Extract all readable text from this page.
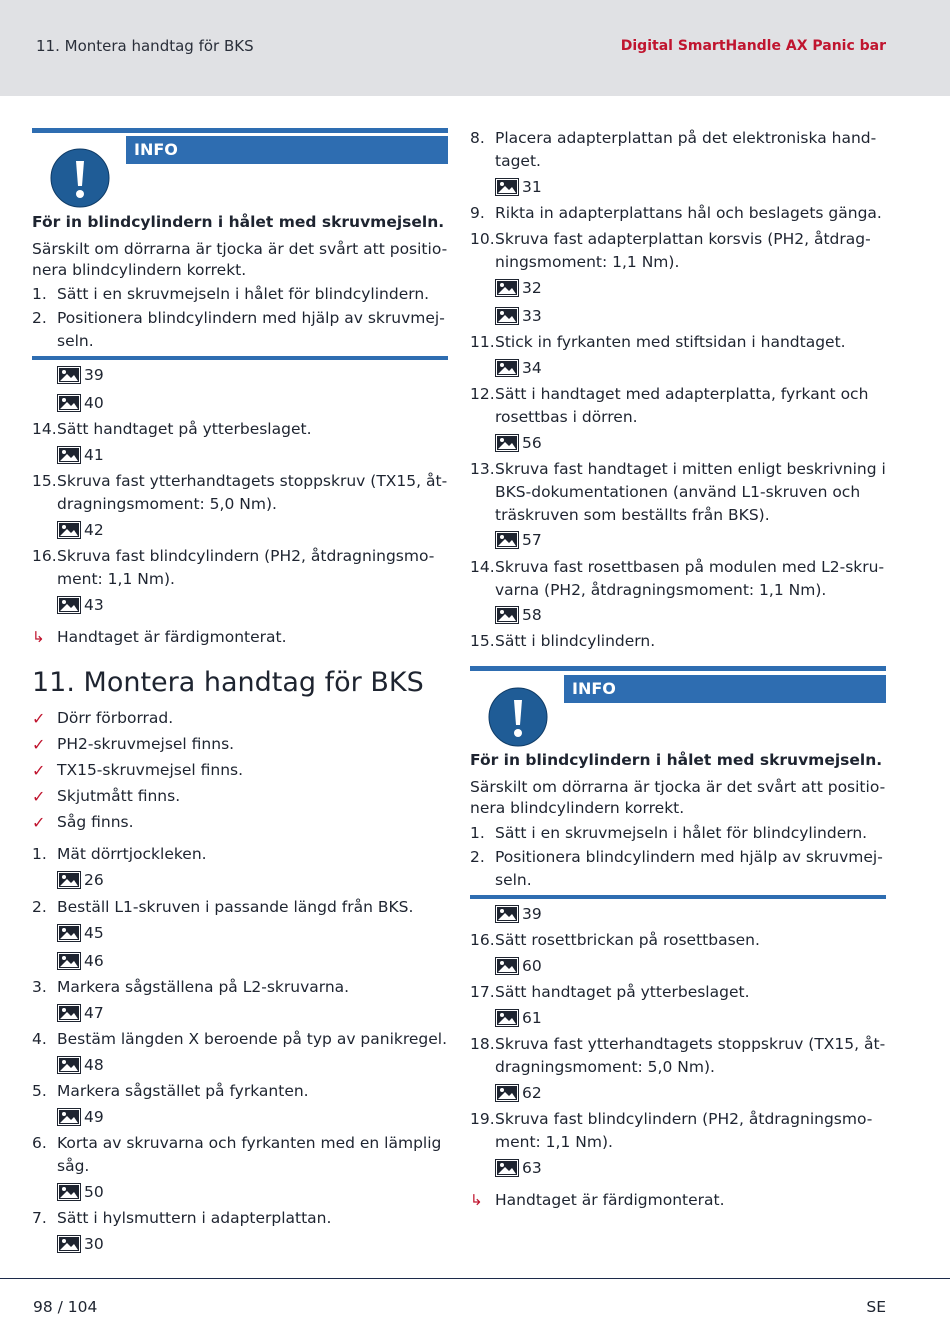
11. Montera handtag för BKS	Digital SmartHandle AX Panic bar
INFO
För in blindcylindern i hålet med skruvmejseln.
Särskilt om dörrarna är tjocka är det svårt att positio-
nera blindcylindern korrekt.
1. Sätt i en skruvmejseln i hålet för blindcylindern.
2. Positionera blindcylindern med hjälp av skruvmej-
seln.
39
40
14. Sätt handtaget på ytterbeslaget.
41
15. Skruva fast ytterhandtagets stoppskruv (TX15, åt-
dragningsmoment: 5,0 Nm).
42
16. Skruva fast blindcylindern (PH2, åtdragningsmo-
ment: 1,1 Nm).
43
↳ Handtaget är färdigmonterat.
11. Montera handtag för BKS
✓ Dörr förborrad.
✓ PH2-skruvmejsel finns.
✓ TX15-skruvmejsel finns.
✓ Skjutmått finns.
✓ Såg finns.
1. Mät dörrtjockleken.
26
2. Beställ L1-skruven i passande längd från BKS.
45
46
3. Markera sågställena på L2-skruvarna.
47
4. Bestäm längden X beroende på typ av panikregel.
48
5. Markera sågstället på fyrkanten.
49
6. Korta av skruvarna och fyrkanten med en lämplig
såg.
50
7. Sätt i hylsmuttern i adapterplattan.
30
8. Placera adapterplattan på det elektroniska hand-
taget.
31
9. Rikta in adapterplattans hål och beslagets gänga.
10. Skruva fast adapterplattan korsvis (PH2, åtdrag-
ningsmoment: 1,1 Nm).
32
33
11. Stick in fyrkanten med stiftsidan i handtaget.
34
12. Sätt i handtaget med adapterplatta, fyrkant och
rosettbas i dörren.
56
13. Skruva fast handtaget i mitten enligt beskrivning i
BKS-dokumentationen (använd L1-skruven och
träskruven som beställts från BKS).
57
14. Skruva fast rosettbasen på modulen med L2-skru-
varna (PH2, åtdragningsmoment: 1,1 Nm).
58
15. Sätt i blindcylindern.
INFO
För in blindcylindern i hålet med skruvmejseln.
Särskilt om dörrarna är tjocka är det svårt att positio-
nera blindcylindern korrekt.
1. Sätt i en skruvmejseln i hålet för blindcylindern.
2. Positionera blindcylindern med hjälp av skruvmej-
seln.
39
16. Sätt rosettbrickan på rosettbasen.
60
17. Sätt handtaget på ytterbeslaget.
61
18. Skruva fast ytterhandtagets stoppskruv (TX15, åt-
dragningsmoment: 5,0 Nm).
62
19. Skruva fast blindcylindern (PH2, åtdragningsmo-
ment: 1,1 Nm).
63
↳ Handtaget är färdigmonterat.
98 / 104	SE
